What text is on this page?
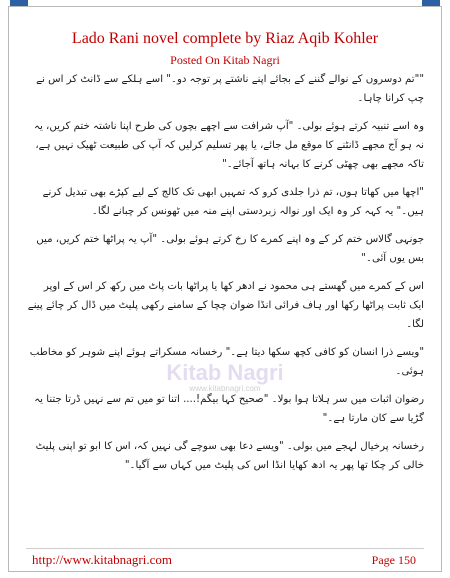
Lado Rani novel complete by Riaz Aqib Kohler
Posted On Kitab Nagri

""تم دوسروں کے نوالے گننے کے بجائے اپنے ناشتے پر توجہ دو۔" اسے ہلکے سے ڈانٹ کر اس نے چپ کرانا چاہا۔

وہ اسے تنبیہ کرتے ہوئے بولی۔ "آپ شرافت سے اچھے بچوں کی طرح اپنا ناشتہ ختم کریں، یہ نہ ہو آج مجھے ڈانٹنے کا موقع مل جائے، یا پھر تسلیم کرلیں کہ آپ کی طبیعت ٹھیک نہیں ہے، تاکہ مجھے بھی چھٹی کرنے کا بہانہ ہاتھ آجائے۔"

"اچھا میں کھاتا ہوں، تم ذرا جلدی کرو کہ تمہیں ابھی تک کالج کے لیے کپڑے بھی تبدیل کرنے ہیں۔" یہ کہہ کر وہ ایک اور نوالہ زبردستی اپنے منہ میں ٹھونس کر چبانے لگا۔

جونہی گالاس ختم کر کے وہ اپنے کمرے کا رخ کرتے ہوئے بولی۔ "آپ یہ پراٹھا ختم کریں، میں بس یوں آئی۔"

اس کے کمرے میں گھستے ہی محمود نے ادھر کھا یا پراٹھا بات پاٹ میں رکھ کر اس کے اوپر ایک ثابت پراٹھا رکھا اور ہاف فرائی انڈا ضوان چچا کے سامنے رکھی پلیٹ میں ڈال کر چائے پینے لگا۔

"ویسے ذرا انسان کو کافی کچھ سکھا دیتا ہے۔" رخسانہ مسکراتے ہوئے اپنے شوہر کو مخاطب ہوئی۔

رضوان اثبات میں سر ہلاتا ہوا بولا۔ "صحیح کہا بیگم!.... اتنا تو میں تم سے نہیں ڈرتا جتنا یہ گڑیا سے کان مارتا ہے۔"

رخسانہ پرخیال لہجے میں بولی۔ "ویسے دعا بھی سوچے گی نہیں کہ، اس کا ابو تو اپنی پلیٹ خالی کر چکا تھا پھر یہ ادھ کھایا انڈا اس کی پلیٹ میں کہاں سے آگیا۔"

Kitab Nagri
www.kitabnagri.com
http://www.kitabnagri.com	Page 150
